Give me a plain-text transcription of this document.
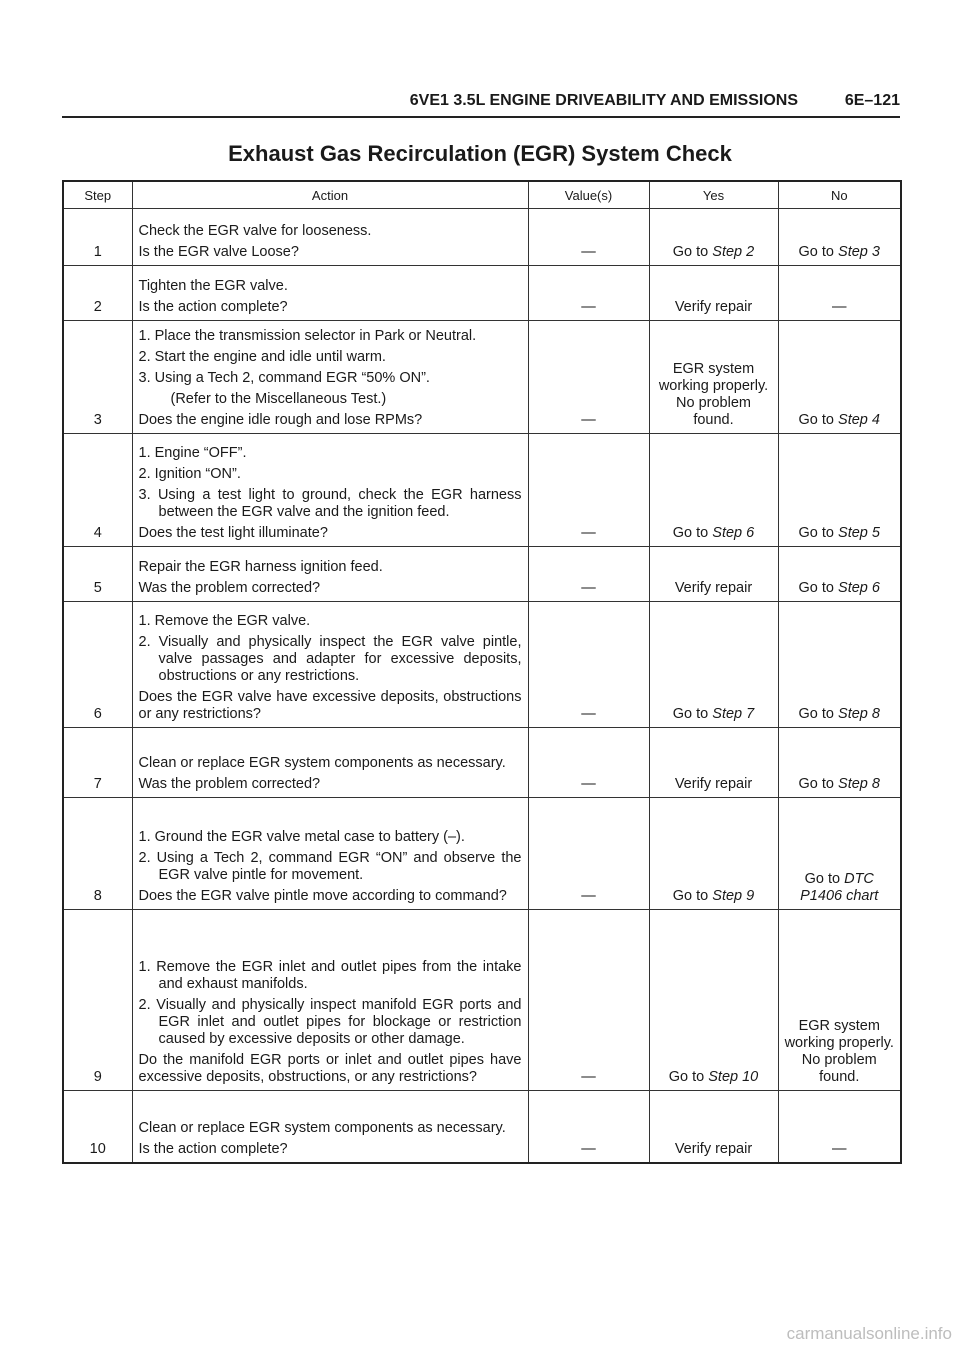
6VE1 3.5L ENGINE DRIVEABILITY AND EMISSIONS	6E–121
Exhaust Gas Recirculation (EGR) System Check
Step	Action	Value(s)	Yes	No
1	Check the EGR valve for looseness.

Is the EGR valve Loose?	—	Go to Step 2	Go to Step 3
2	Tighten the EGR valve.

Is the action complete?	—	Verify repair	—
3	1. Place the transmission selector in Park or Neutral.

2. Start the engine and idle until warm.

3. Using a Tech 2, command EGR “50% ON”.

(Refer to the Miscellaneous Test.)

Does the engine idle rough and lose RPMs?	—	EGR system working properly. No problem found.	Go to Step 4
4	1. Engine “OFF”.

2. Ignition “ON”.

3. Using a test light to ground, check the EGR harness between the EGR valve and the ignition feed.

Does the test light illuminate?	—	Go to Step 6	Go to Step 5
5	Repair the EGR harness ignition feed.

Was the problem corrected?	—	Verify repair	Go to Step 6
6	1. Remove the EGR valve.

2. Visually and physically inspect the EGR valve pintle, valve passages and adapter for excessive deposits, obstructions or any restrictions.

Does the EGR valve have excessive deposits, obstructions or any restrictions?	—	Go to Step 7	Go to Step 8
7	Clean or replace EGR system components as necessary.

Was the problem corrected?	—	Verify repair	Go to Step 8
8	1. Ground the EGR valve metal case to battery (–).

2. Using a Tech 2, command EGR “ON” and observe the EGR valve pintle for movement.

Does the EGR valve pintle move according to command?	—	Go to Step 9	Go to DTC P1406 chart
9	1. Remove the EGR inlet and outlet pipes from the intake and exhaust manifolds.

2. Visually and physically inspect manifold EGR ports and EGR inlet and outlet pipes for blockage or restriction caused by excessive deposits or other damage.

Do the manifold EGR ports or inlet and outlet pipes have excessive deposits, obstructions, or any restrictions?	—	Go to Step 10	EGR system working properly. No problem found.
10	Clean or replace EGR system components as necessary.

Is the action complete?	—	Verify repair	—
carmanualsonline.info
